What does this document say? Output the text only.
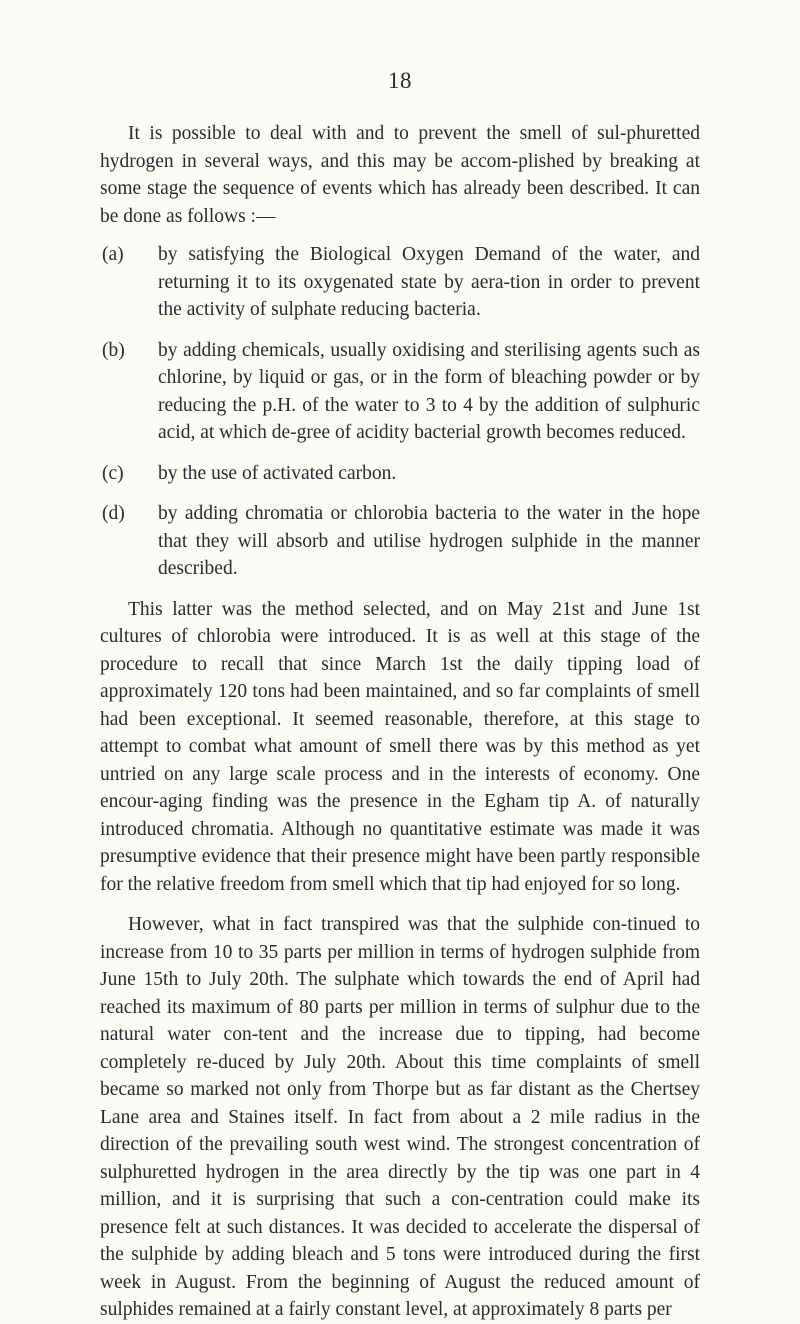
18

It is possible to deal with and to prevent the smell of sul-phuretted hydrogen in several ways, and this may be accom-plished by breaking at some stage the sequence of events which has already been described. It can be done as follows :—

(a)	by satisfying the Biological Oxygen Demand of the water, and returning it to its oxygenated state by aera-tion in order to prevent the activity of sulphate reducing bacteria.
(b)	by adding chemicals, usually oxidising and sterilising agents such as chlorine, by liquid or gas, or in the form of bleaching powder or by reducing the p.H. of the water to 3 to 4 by the addition of sulphuric acid, at which de-gree of acidity bacterial growth becomes reduced.
(c)	by the use of activated carbon.
(d)	by adding chromatia or chlorobia bacteria to the water in the hope that they will absorb and utilise hydrogen sulphide in the manner described.

This latter was the method selected, and on May 21st and June 1st cultures of chlorobia were introduced. It is as well at this stage of the procedure to recall that since March 1st the daily tipping load of approximately 120 tons had been maintained, and so far complaints of smell had been exceptional. It seemed reasonable, therefore, at this stage to attempt to combat what amount of smell there was by this method as yet untried on any large scale process and in the interests of economy. One encour-aging finding was the presence in the Egham tip A. of naturally introduced chromatia. Although no quantitative estimate was made it was presumptive evidence that their presence might have been partly responsible for the relative freedom from smell which that tip had enjoyed for so long.

However, what in fact transpired was that the sulphide con-tinued to increase from 10 to 35 parts per million in terms of hydrogen sulphide from June 15th to July 20th. The sulphate which towards the end of April had reached its maximum of 80 parts per million in terms of sulphur due to the natural water con-tent and the increase due to tipping, had become completely re-duced by July 20th. About this time complaints of smell became so marked not only from Thorpe but as far distant as the Chertsey Lane area and Staines itself. In fact from about a 2 mile radius in the direction of the prevailing south west wind. The strongest concentration of sulphuretted hydrogen in the area directly by the tip was one part in 4 million, and it is surprising that such a con-centration could make its presence felt at such distances. It was decided to accelerate the dispersal of the sulphide by adding bleach and 5 tons were introduced during the first week in August. From the beginning of August the reduced amount of sulphides remained at a fairly constant level, at approximately 8 parts per
